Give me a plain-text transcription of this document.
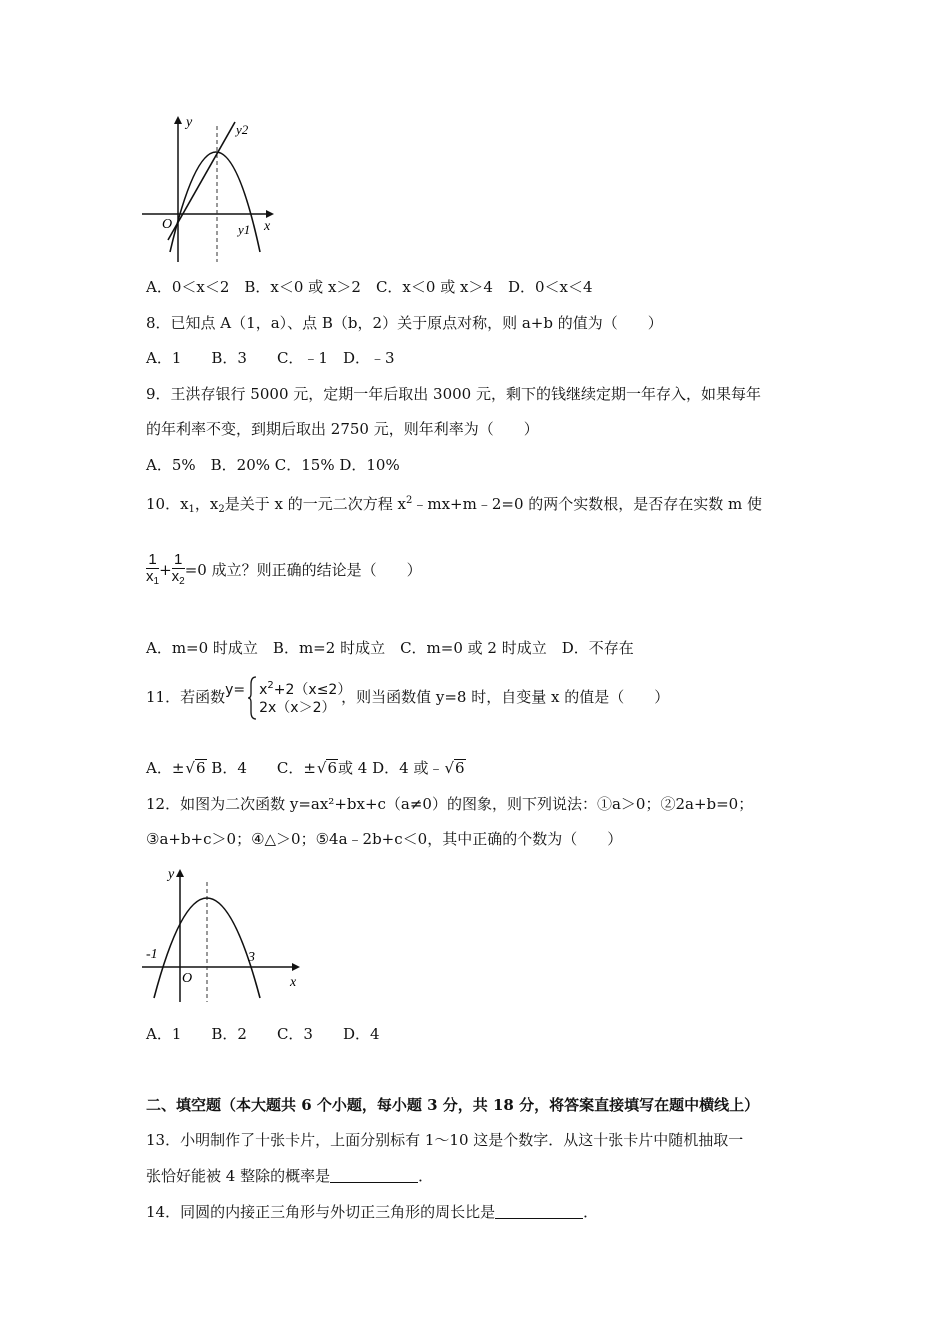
y	y2
O	x
y1
A．0＜x＜2　B．x＜0 或 x＞2　C．x＜0 或 x＞4　D．0＜x＜4
8．已知点 A（1，a）、点 B（b，2）关于原点对称，则 a+b 的值为（　　）
A．1　　B．3　　C．﹣1　D．﹣3
9．王洪存银行 5000 元，定期一年后取出 3000 元，剩下的钱继续定期一年存入，如果每年
的年利率不变，到期后取出 2750 元，则年利率为（　　）
A．5%　B．20% C．15% D．10%
10．$x_1$，$x_2$是关于 x 的一元二次方程 $x^2﹣mx+m﹣2=0$ 的两个实数根，是否存在实数 m 使
$\frac{1}{x_1} + \frac{1}{x_2} =0$ 成立？则正确的结论是（　　）
A．m=0 时成立　B．m=2 时成立　C．m=0 或 2 时成立　D．不存在
11．若函数 $y= x^2+2(x\le 2)$
2x（x＞2）
，则当函数值 y=8 时，自变量 x 的值是（　　）
A．±√6 B．4　　C．±√6或 4 D．4 或﹣√6
12．如图为二次函数 y=ax²+bx+c（a≠0）的图象，则下列说法：①a＞0；②2a+b=0；
③a+b+c＞0；④△＞0；⑤4a﹣2b+c＜0，其中正确的个数为（　　）
y
-1
O
3
x
A．1　　B．2　　C．3　　D．4
二、填空题（本大题共 6 个小题，每小题 3 分，共 18 分，将答案直接填写在题中横线上）
13．小明制作了十张卡片，上面分别标有 1～10 这是个数字．从这十张卡片中随机抽取一
张恰好能被 4 整除的概率是	．
14．同圆的内接正三角形与外切正三角形的周长比是	．
